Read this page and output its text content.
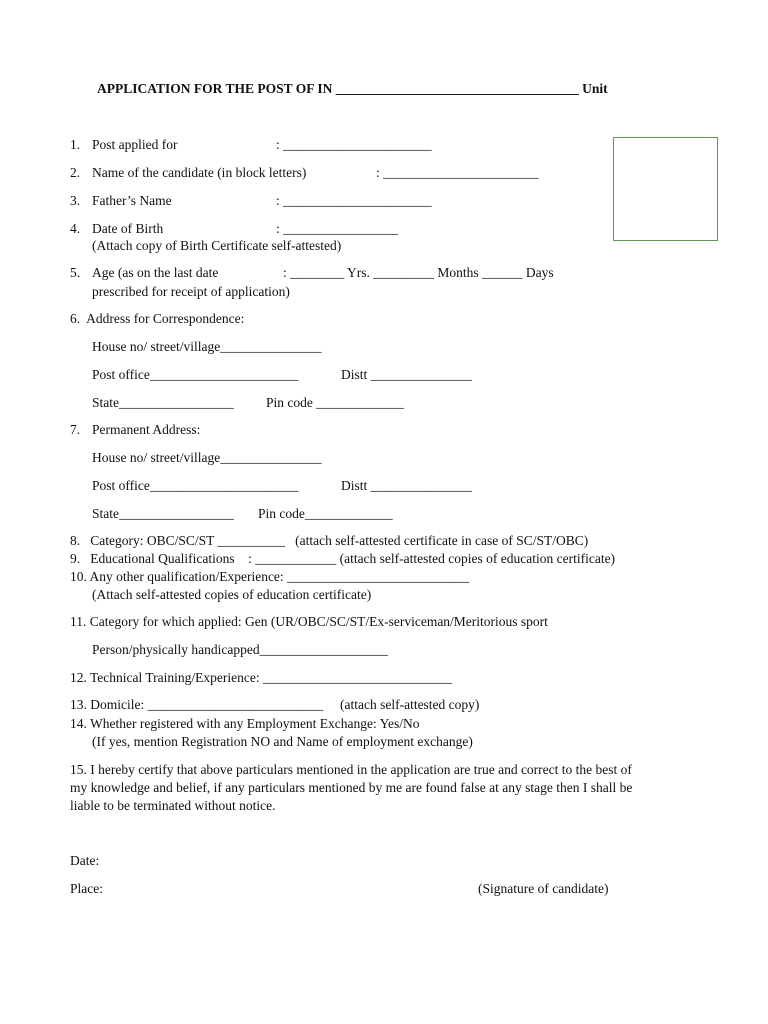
APPLICATION FOR THE POST OF IN ____________________________________ Unit
1. Post applied for	: ______________________
2. Name of the candidate (in block letters)	: _______________________
3. Father’s Name	: ______________________
4. Date of Birth	: _________________
(Attach copy of Birth Certificate self-attested)
5. Age (as on the last date	: ________ Yrs. _________ Months ______ Days
prescribed for receipt of application)
6.  Address for Correspondence:
House no/ street/village_______________
Post office______________________	Distt _______________
State_________________ Pin code _____________
7. Permanent Address:
House no/ street/village_______________
Post office______________________	Distt _______________
State_________________ Pin code_____________
8.   Category: OBC/SC/ST __________   (attach self-attested certificate in case of SC/ST/OBC)
9.   Educational Qualifications    : ____________ (attach self-attested copies of education certificate)
10. Any other qualification/Experience: ___________________________
(Attach self-attested copies of education certificate)
11. Category for which applied: Gen (UR/OBC/SC/ST/Ex-serviceman/Meritorious sport
Person/physically handicapped___________________
12. Technical Training/Experience: ____________________________
13. Domicile: __________________________     (attach self-attested copy)
14. Whether registered with any Employment Exchange: Yes/No
(If yes, mention Registration NO and Name of employment exchange)
15. I hereby certify that above particulars mentioned in the application are true and correct to the best of
my knowledge and belief, if any particulars mentioned by me are found false at any stage then I shall be
liable to be terminated without notice.
Date:
Place:	(Signature of candidate)
